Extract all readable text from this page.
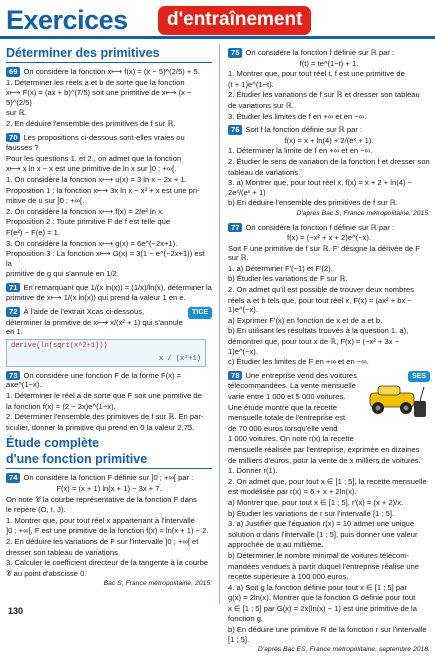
Exercices	d'entraînement
Déterminer des primitives

69 On considère la fonction x⟼ f(x) = (x − 5)^(2/5) + 5.

1. Déterminer les réels a et b de sorte que la fonction

x⟼ F(x) = (ax + b)^(7/5) soit une primitive de x⟼ (x − 5)^(2/5)

sur ℝ.

2. En déduire l'ensemble des primitives de f sur ℝ.

70 Les propositions ci-dessous sont-elles vraies ou

fausses ?

Pour les questions 1. et 2., on admet que la fonction

x⟼ x ln x − x est une primitive de ln x sur ]0 ; +∞[.

1. On considère la fonction x⟼ u(x) = 3 ln x − 2x + 1.

Proposition 1 : la fonction x⟼ 3x ln x − x² + x est une pri-

mitive de u sur ]0 ; +∞[.

2. On considère la fonction x⟼ f(x) = 2/e² ln x.

Proposition 2 : Toute primitive F de f est telle que

F(e²) − F(e) = 1.

3. On considère la fonction x⟼ g(x) = 6e^(−2x+1).

Proposition 3 : La fonction x⟼ G(x) = 3(1 − e^(−2x+1)) est la

primitive de g qui s'annule en 1/2.

71 En remarquant que 1/(x ln(x)) = (1/x)/ln(x), déterminer la

primitive de x⟼ 1/(x ln(x)) qui prend la valeur 1 en e.

72 À l'aide de l'extrait Xcas ci-dessous,	TICE

déterminer la primitive de x⟼ x/(x² + 1) qui s'annule en 1.

derive(ln(sqrt(x^2+1)))
x / (x²+1)

73 On considère une fonction F de la forme F(x) = axe^(1−x).

1. Déterminer le réel a de sorte que F soit une primitive de

la fonction f(x) = (2 − 2x)e^(1−x).

2. Déterminer l'ensemble des primitives de f sur ℝ. En par-

ticulier, donner la primitive qui prend en 0 la valeur 2,75.

Étude complète
d'une fonction primitive

74 On considère la fonction F définie sur ]0 ; +∞[ par :

F(x) = (x + 1) ln(x + 1) − 3x + 7.

On note 𝒞 la courbe représentative de la fonction F dans

le repère (O, I, J).

1. Montrer que, pour tout réel x appartenant à l'intervalle

]0 ; +∞[, F est une primitive de la fonction f(x) = ln(x + 1) − 2.

2. En déduire les variations de F sur l'intervalle ]0 ; +∞[ et

dresser son tableau de variations.

3. Calculer le coefficient directeur de la tangente à la courbe

𝒞 au point d'abscisse 0.

Bac S, France métropolitaine, 2015.

75 On considère la fonction f définie sur ℝ par :

f(t) = te^(1−t) + 1.

1. Montrer que, pour tout réel t, f est une primitive de

(t + 1)e^(1−t).

2. Étudier les variations de f sur ℝ et dresser son tableau

de variations sur ℝ.

3. Étudier les limites de f en +∞ et en −∞.

76 Soit f la fonction définie sur ℝ par :

f(x) = x + ln(4) + 2/(eˣ + 1).

1. Déterminer la limite de f en +∞ et en −∞.

2. Étudier le sens de variation de la fonction f et dresser son

tableau de variations.

3. a) Montrer que, pour tout réel x, f(x) = x + 2 + ln(4) − 2eˣ/(eˣ + 1)

b) En déduire l'ensemble des primitives de f sur ℝ.

D'après Bac S, France métropolitaine, 2015.

77 On considère la fonction f définie sur ℝ par :

f(x) = (−x² + x + 2)e^(−x).

Soit F une primitive de f sur ℝ. F' désigne la dérivée de F sur ℝ.

1. a) Déterminer F'(−1) et F'(2).

b) Étudier les variations de F sur ℝ.

2. On admet qu'il est possible de trouver deux nombres

réels a et b tels que, pour tout réel x, F(x) = (ax² + bx − 1)e^(−x).

a) Exprimer F'(x) en fonction de x et de a et b.

b) En utilisant les résultats trouvés à la question 1. a),

démontrer que, pour tout x de ℝ, F(x) = (−x² + 3x − 1)e^(−x).

c) Étudier les limites de F en +∞ et en −∞.

SES

78 Une entreprise vend des voitures

télécommandées. La vente mensuelle

varie entre 1 000 et 5 000 voitures.

Une étude montre que la recette

mensuelle totale de l'entreprise est

de 70 000 euros lorsqu'elle vend

1 000 voitures. On note r(x) la recette

mensuelle réalisée par l'entreprise, exprimée en dizaines

de milliers d'euros, pour la vente de x milliers de voitures.

1. Donner r(1).

2. On admet que, pour tout x ∈ [1 ; 5], la recette mensuelle

est modélisée par r(x) = 6 + x + 2ln(x).

a) Montrer que, pour tout x ∈ [1 ; 5], r'(x) = (x + 2)/x.

b) Étudier les variations de r sur l'intervalle [1 ; 5].

3. a) Justifier que l'équation r(x) = 10 admet une unique

solution α dans l'intervalle [1 ; 5], puis donner une valeur

approchée de α au millième.

b) Déterminer le nombre minimal de voitures télécom-

mandées vendues à partir duquel l'entreprise réalise une

recette supérieure à 100 000 euros.

4. a) Soit g la fonction définie pour tout x ∈ [1 ; 5] par

g(x) = 2ln(x). Montrer que la fonction G définie pour tout

x ∈ [1 ; 5] par G(x) = 2x(ln(x) − 1) est une primitive de la

fonction g.

b) En déduire une primitive R de la fonction r sur l'intervalle [1 ; 5].

D'après Bac ES, France métropolitaine, septembre 2018.

130
